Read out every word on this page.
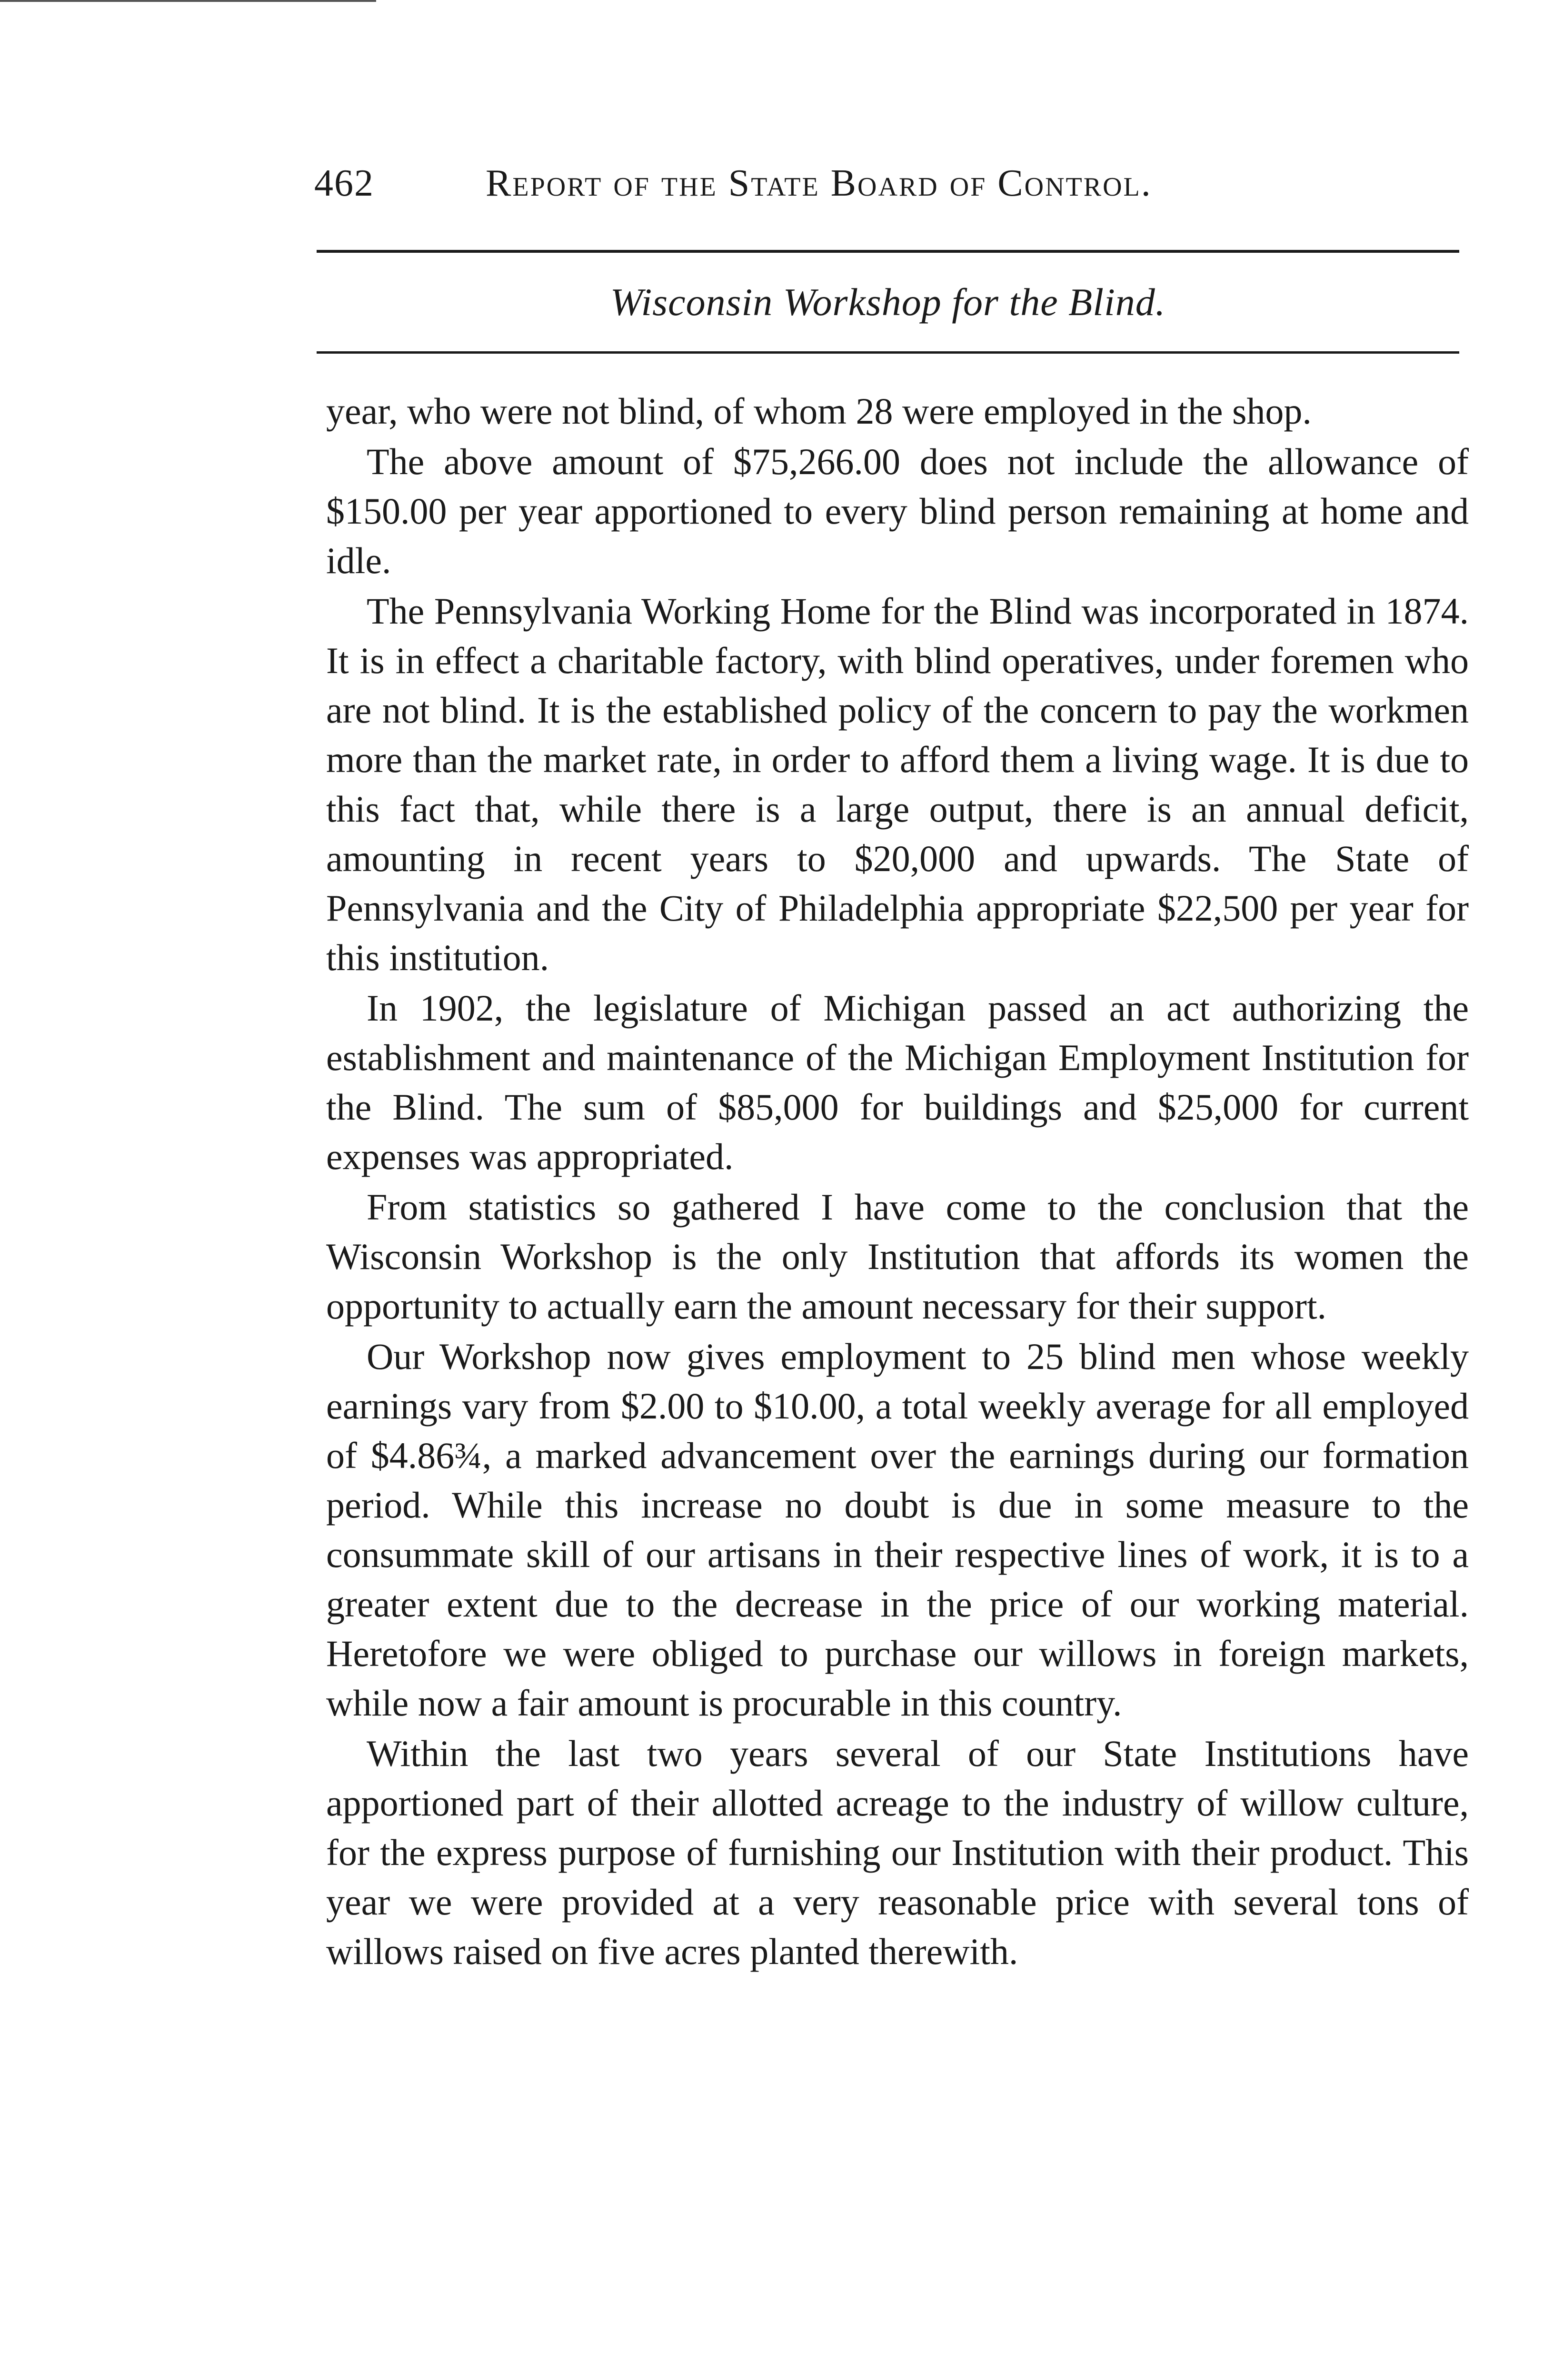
462	Report of the State Board of Control.
Wisconsin Workshop for the Blind.

year, who were not blind, of whom 28 were employed in the shop.

The above amount of $75,266.00 does not include the allowance of $150.00 per year apportioned to every blind person remaining at home and idle.

The Pennsylvania Working Home for the Blind was incorporated in 1874. It is in effect a charitable factory, with blind operatives, under foremen who are not blind. It is the established policy of the concern to pay the workmen more than the market rate, in order to afford them a living wage. It is due to this fact that, while there is a large output, there is an annual deficit, amounting in recent years to $20,000 and upwards. The State of Pennsylvania and the City of Philadelphia appropriate $22,500 per year for this institution.

In 1902, the legislature of Michigan passed an act authorizing the establishment and maintenance of the Michigan Employment Institution for the Blind. The sum of $85,000 for buildings and $25,000 for current expenses was appropriated.

From statistics so gathered I have come to the conclusion that the Wisconsin Workshop is the only Institution that affords its women the opportunity to actually earn the amount necessary for their support.

Our Workshop now gives employment to 25 blind men whose weekly earnings vary from $2.00 to $10.00, a total weekly average for all employed of $4.86¾, a marked advancement over the earnings during our formation period. While this increase no doubt is due in some measure to the consummate skill of our artisans in their respective lines of work, it is to a greater extent due to the decrease in the price of our working material. Heretofore we were obliged to purchase our willows in foreign markets, while now a fair amount is procurable in this country.

Within the last two years several of our State Institutions have apportioned part of their allotted acreage to the industry of willow culture, for the express purpose of furnishing our Institution with their product. This year we were provided at a very reasonable price with several tons of willows raised on five acres planted therewith.
